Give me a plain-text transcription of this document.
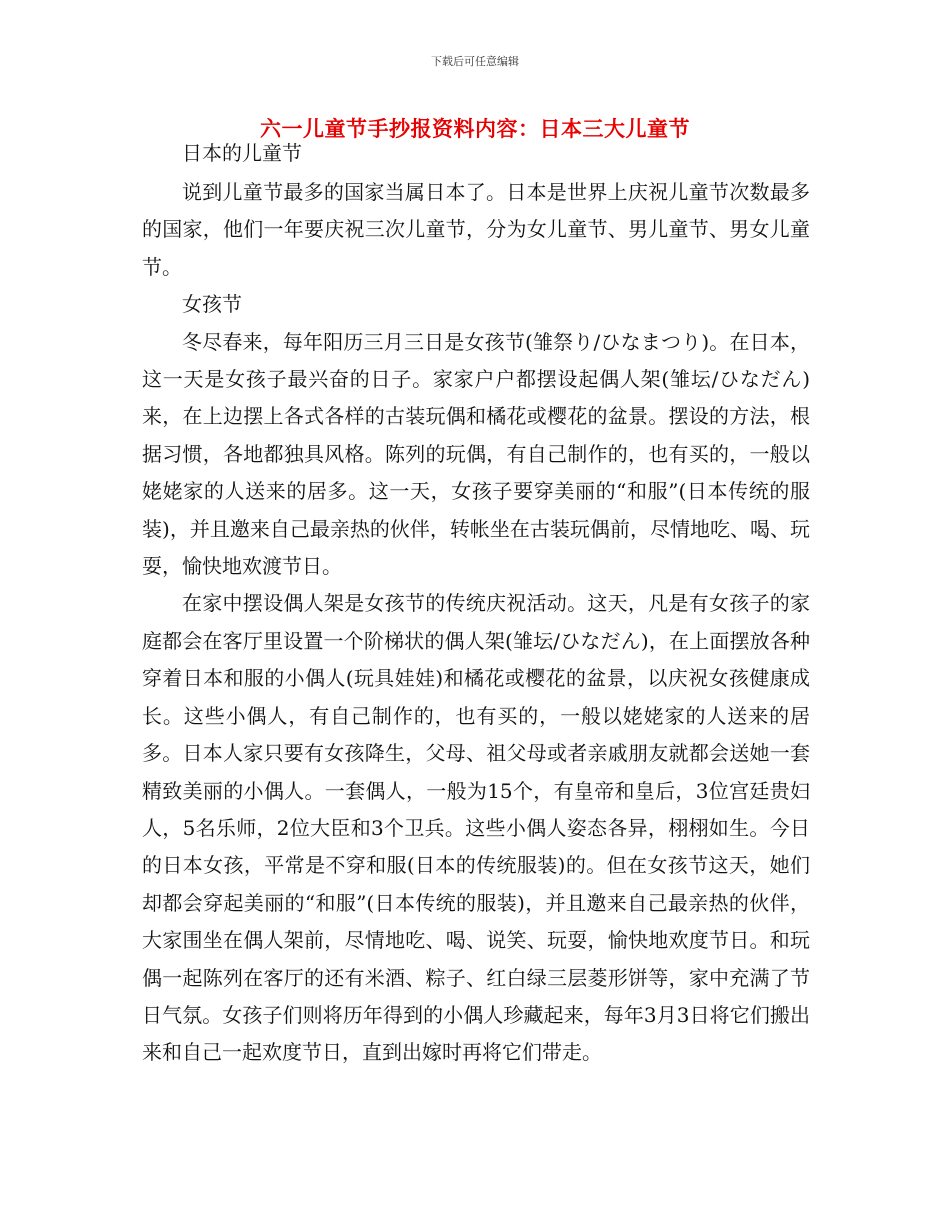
下载后可任意编辑
六一儿童节手抄报资料内容：日本三大儿童节

日本的儿童节

说到儿童节最多的国家当属日本了。日本是世界上庆祝儿童节次数最多的国家，他们一年要庆祝三次儿童节，分为女儿童节、男儿童节、男女儿童节。

女孩节

冬尽春来，每年阳历三月三日是女孩节(雏祭り/ひなまつり)。在日本，这一天是女孩子最兴奋的日子。家家户户都摆设起偶人架(雏坛/ひなだん)来，在上边摆上各式各样的古装玩偶和橘花或樱花的盆景。摆设的方法，根据习惯，各地都独具风格。陈列的玩偶，有自己制作的，也有买的，一般以姥姥家的人送来的居多。这一天，女孩子要穿美丽的“和服”(日本传统的服装)，并且邀来自己最亲热的伙伴，转帐坐在古装玩偶前，尽情地吃、喝、玩耍，愉快地欢渡节日。

在家中摆设偶人架是女孩节的传统庆祝活动。这天，凡是有女孩子的家庭都会在客厅里设置一个阶梯状的偶人架(雏坛/ひなだん)，在上面摆放各种穿着日本和服的小偶人(玩具娃娃)和橘花或樱花的盆景，以庆祝女孩健康成长。这些小偶人，有自己制作的，也有买的，一般以姥姥家的人送来的居多。日本人家只要有女孩降生，父母、祖父母或者亲戚朋友就都会送她一套精致美丽的小偶人。一套偶人，一般为15个，有皇帝和皇后，3位宫廷贵妇人，5名乐师，2位大臣和3个卫兵。这些小偶人姿态各异，栩栩如生。今日的日本女孩，平常是不穿和服(日本的传统服装)的。但在女孩节这天，她们却都会穿起美丽的“和服”(日本传统的服装)，并且邀来自己最亲热的伙伴，大家围坐在偶人架前，尽情地吃、喝、说笑、玩耍，愉快地欢度节日。和玩偶一起陈列在客厅的还有米酒、粽子、红白绿三层菱形饼等，家中充满了节日气氛。女孩子们则将历年得到的小偶人珍藏起来，每年3月3日将它们搬出来和自己一起欢度节日，直到出嫁时再将它们带走。
